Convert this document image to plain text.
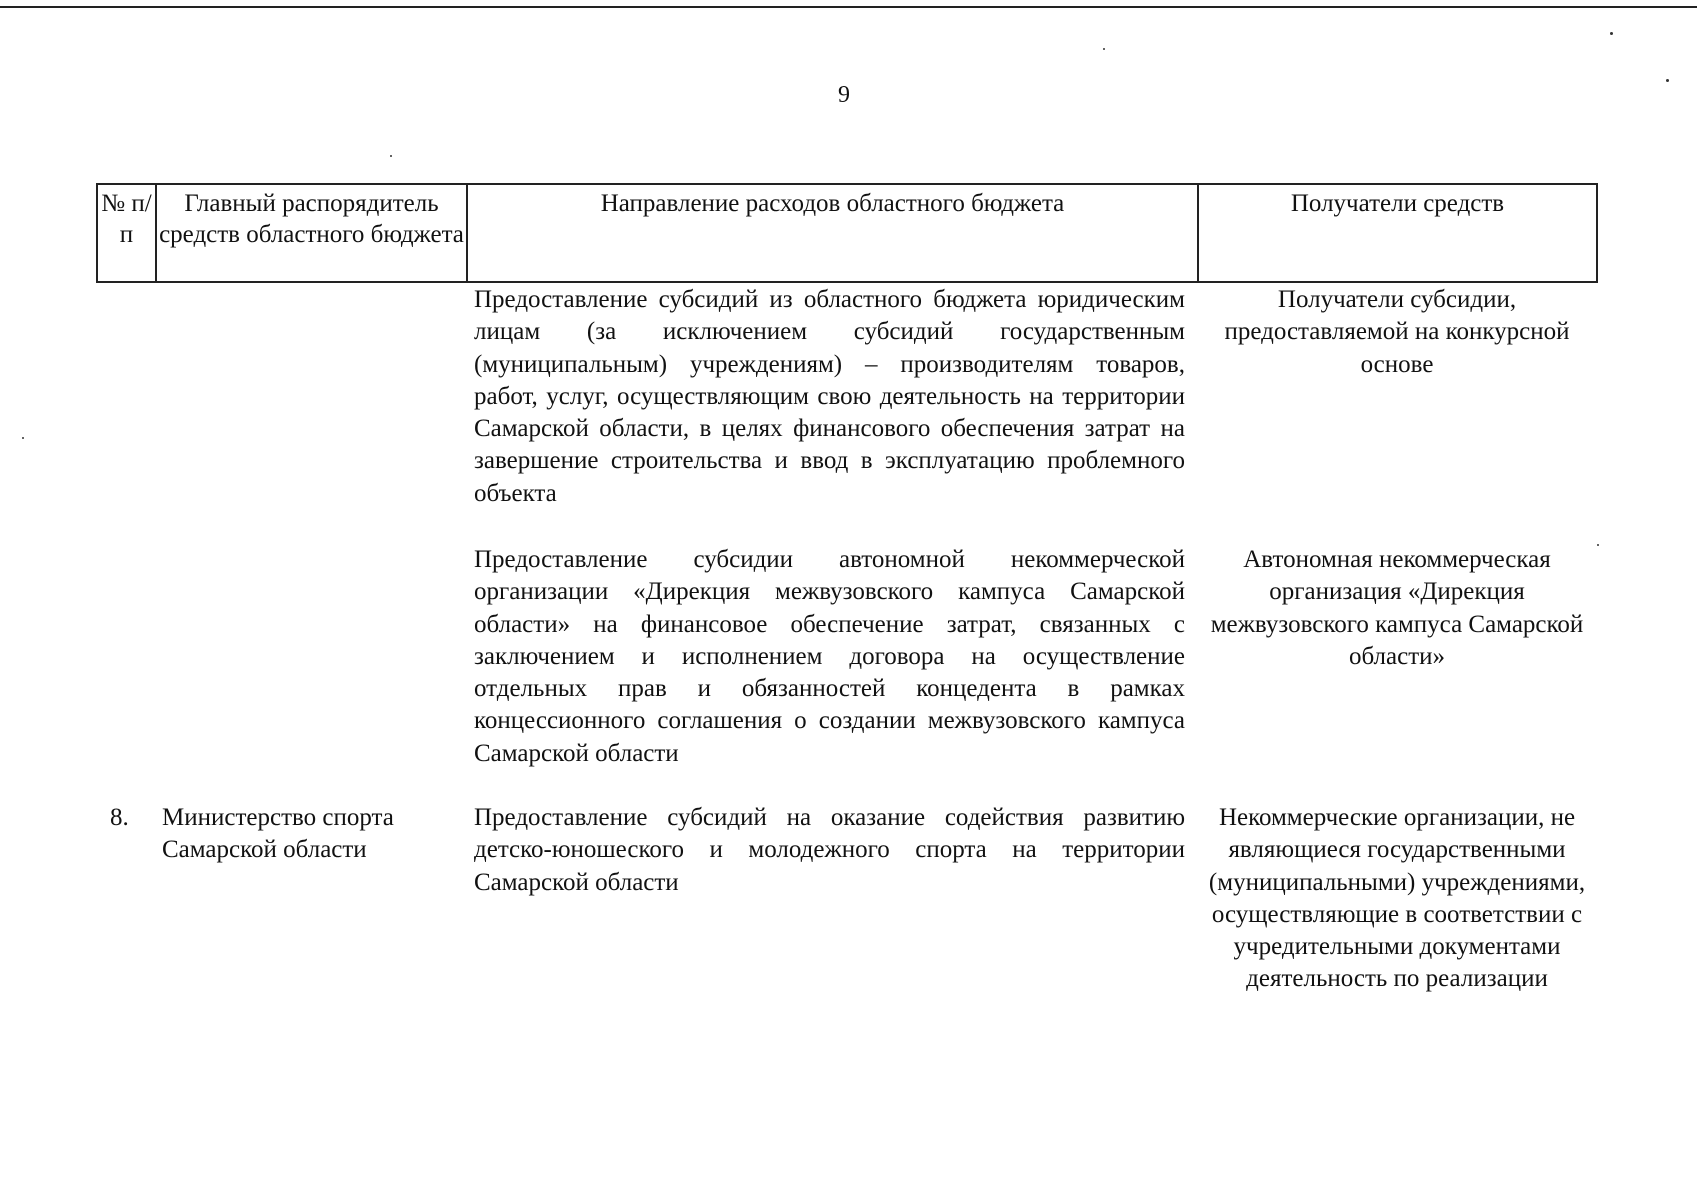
9
№ п/п
Главный распорядитель средств областного бюджета
Направление расходов областного бюджета	Получатели средств
Предоставление субсидий из областного бюджета юридическим лицам (за исключением субсидий государственным (муниципальным) учреждениям) – производителям товаров, работ, услуг, осуществляющим свою деятельность на территории Самарской области, в целях финансового обеспечения затрат на завершение строительства и ввод в эксплуатацию проблемного объекта
Получатели субсидии, предоставляемой на конкурсной основе
Предоставление субсидии автономной некоммерческой организации «Дирекция межвузовского кампуса Самарской области» на финансовое обеспечение затрат, связанных с заключением и исполнением договора на осуществление отдельных прав и обязанностей концедента в рамках концессионного соглашения о создании межвузовского кампуса Самарской области
Автономная некоммерческая организация «Дирекция межвузовского кампуса Самарской области»
8.	Министерство спорта Самарской области
Предоставление субсидий на оказание содействия развитию детско-юношеского и молодежного спорта на территории Самарской области
Некоммерческие организации, не являющиеся государственными (муниципальными) учреждениями, осуществляющие в соответствии с учредительными документами деятельность по реализации
